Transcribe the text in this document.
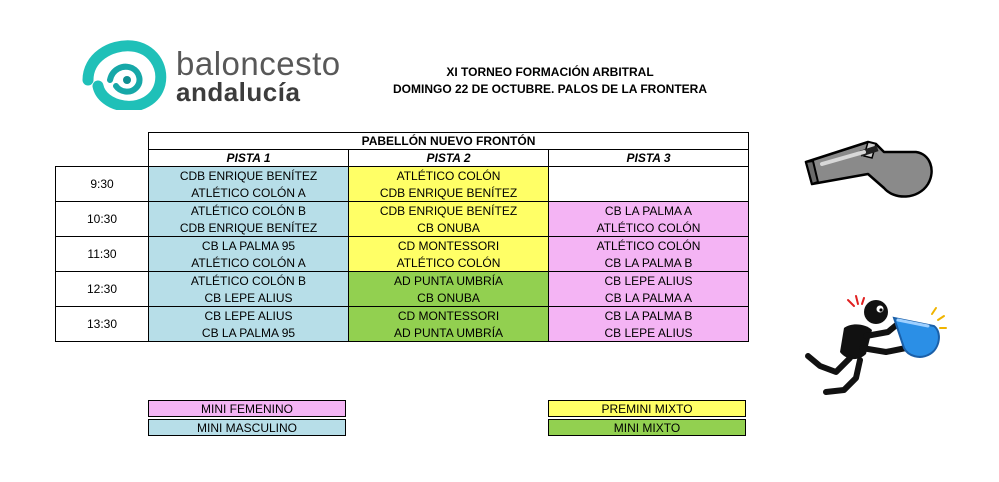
baloncesto
andalucía
XI TORNEO FORMACIÓN ARBITRAL
DOMINGO 22 DE OCTUBRE. PALOS DE LA FRONTERA
	PABELLÓN NUEVO FRONTÓN		
	PISTA 1	PISTA 2	PISTA 3
9:30	CDB ENRIQUE BENÍTEZ	ATLÉTICO COLÓN	
	ATLÉTICO COLÓN A	CDB ENRIQUE BENÍTEZ	
10:30	ATLÉTICO COLÓN B	CDB ENRIQUE BENÍTEZ	CB LA PALMA A
	CDB ENRIQUE BENÍTEZ	CB ONUBA	ATLÉTICO COLÓN
11:30	CB LA PALMA 95	CD MONTESSORI	ATLÉTICO COLÓN
	ATLÉTICO COLÓN A	ATLÉTICO COLÓN	CB LA PALMA B
12:30	ATLÉTICO COLÓN B	AD PUNTA UMBRÍA	CB LEPE ALIUS
	CB LEPE ALIUS	CB ONUBA	CB LA PALMA A
13:30	CB LEPE ALIUS	CD MONTESSORI	CB LA PALMA B
	CB LA PALMA 95	AD PUNTA UMBRÍA	CB LEPE ALIUS
MINI FEMENINO
MINI MASCULINO
PREMINI MIXTO
MINI MIXTO
